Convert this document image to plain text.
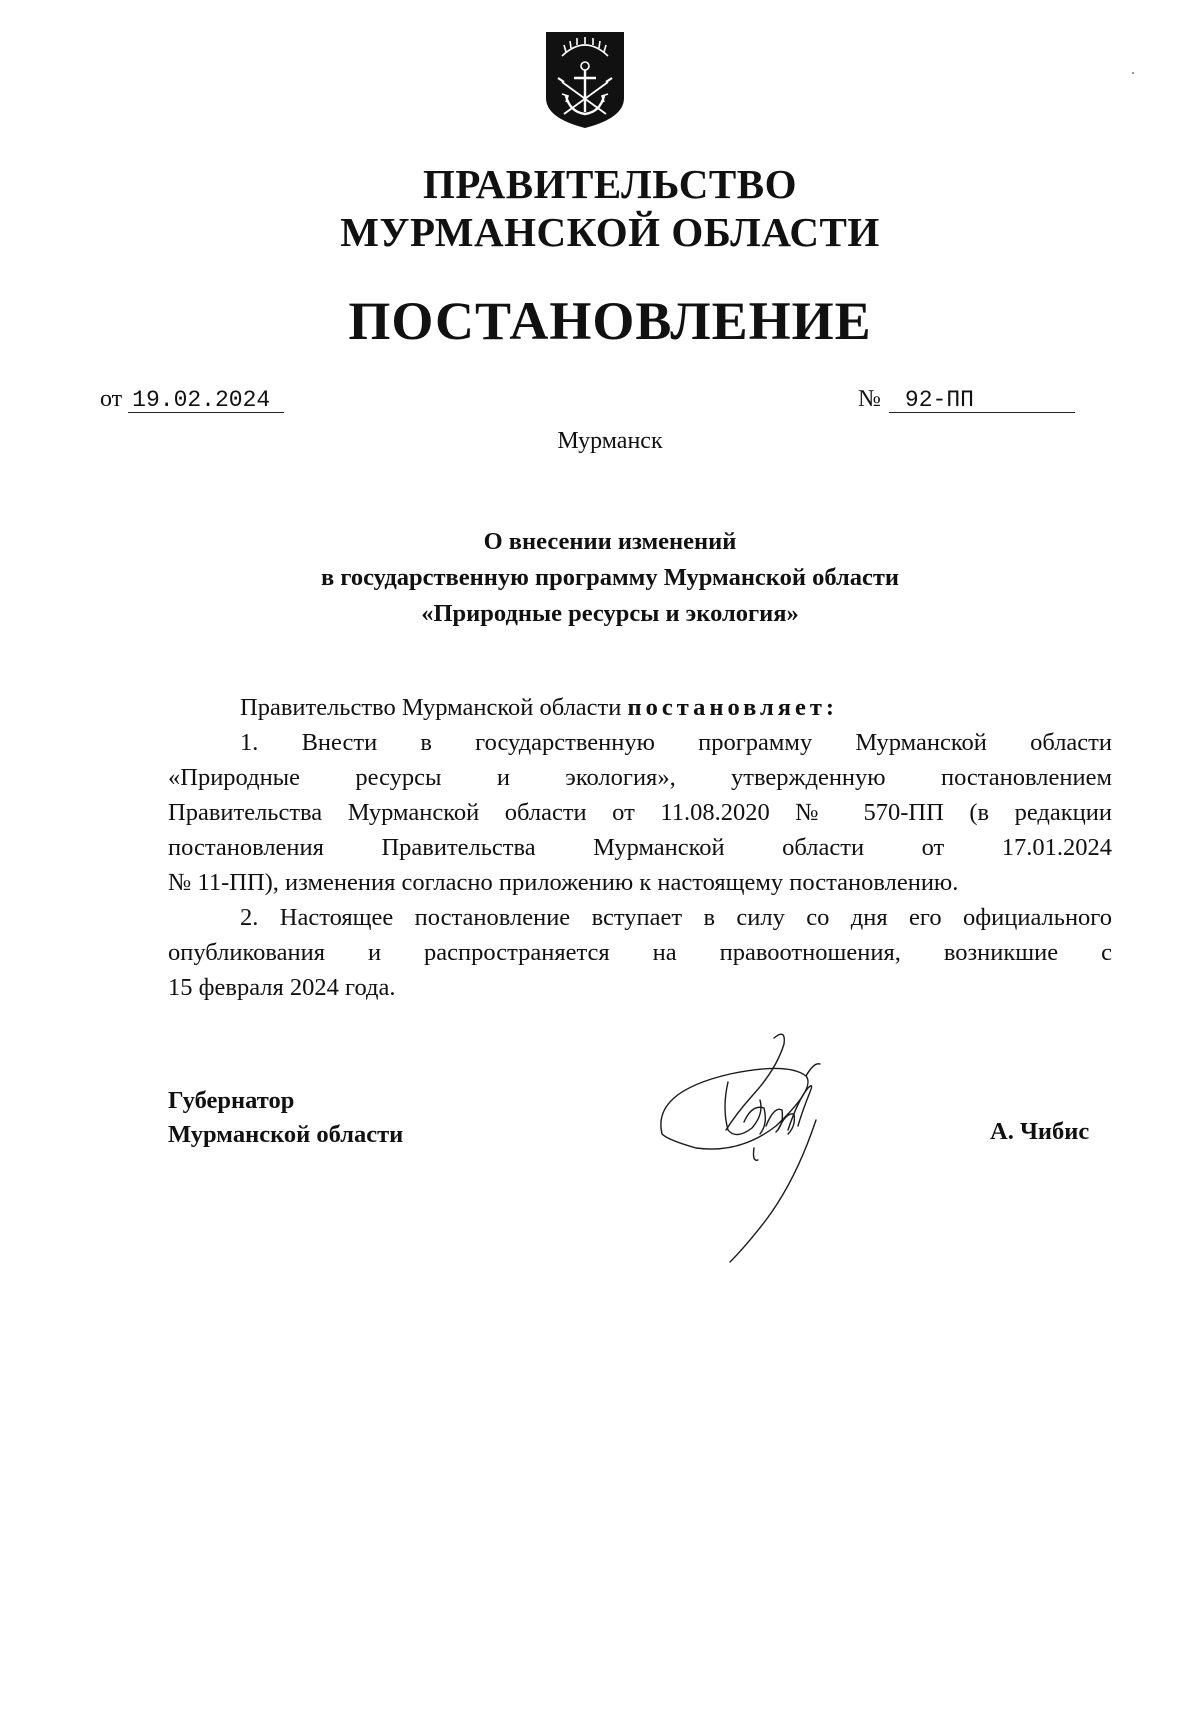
ПРАВИТЕЛЬСТВО
МУРМАНСКОЙ ОБЛАСТИ
ПОСТАНОВЛЕНИЕ
от 19.02.2024	№ 92-ПП
Мурманск
О внесении изменений
в государственную программу Мурманской области
«Природные ресурсы и экология»
Правительство Мурманской области постановляет:
1. Внести в государственную программу Мурманской области
«Природные ресурсы и экология», утвержденную постановлением
Правительства Мурманской области от 11.08.2020 № 570-ПП (в редакции
постановления Правительства Мурманской области от 17.01.2024
№ 11-ПП), изменения согласно приложению к настоящему постановлению.
2. Настоящее постановление вступает в силу со дня его официального
опубликования и распространяется на правоотношения, возникшие с
15 февраля 2024 года.
Губернатор
Мурманской области	А. Чибис
